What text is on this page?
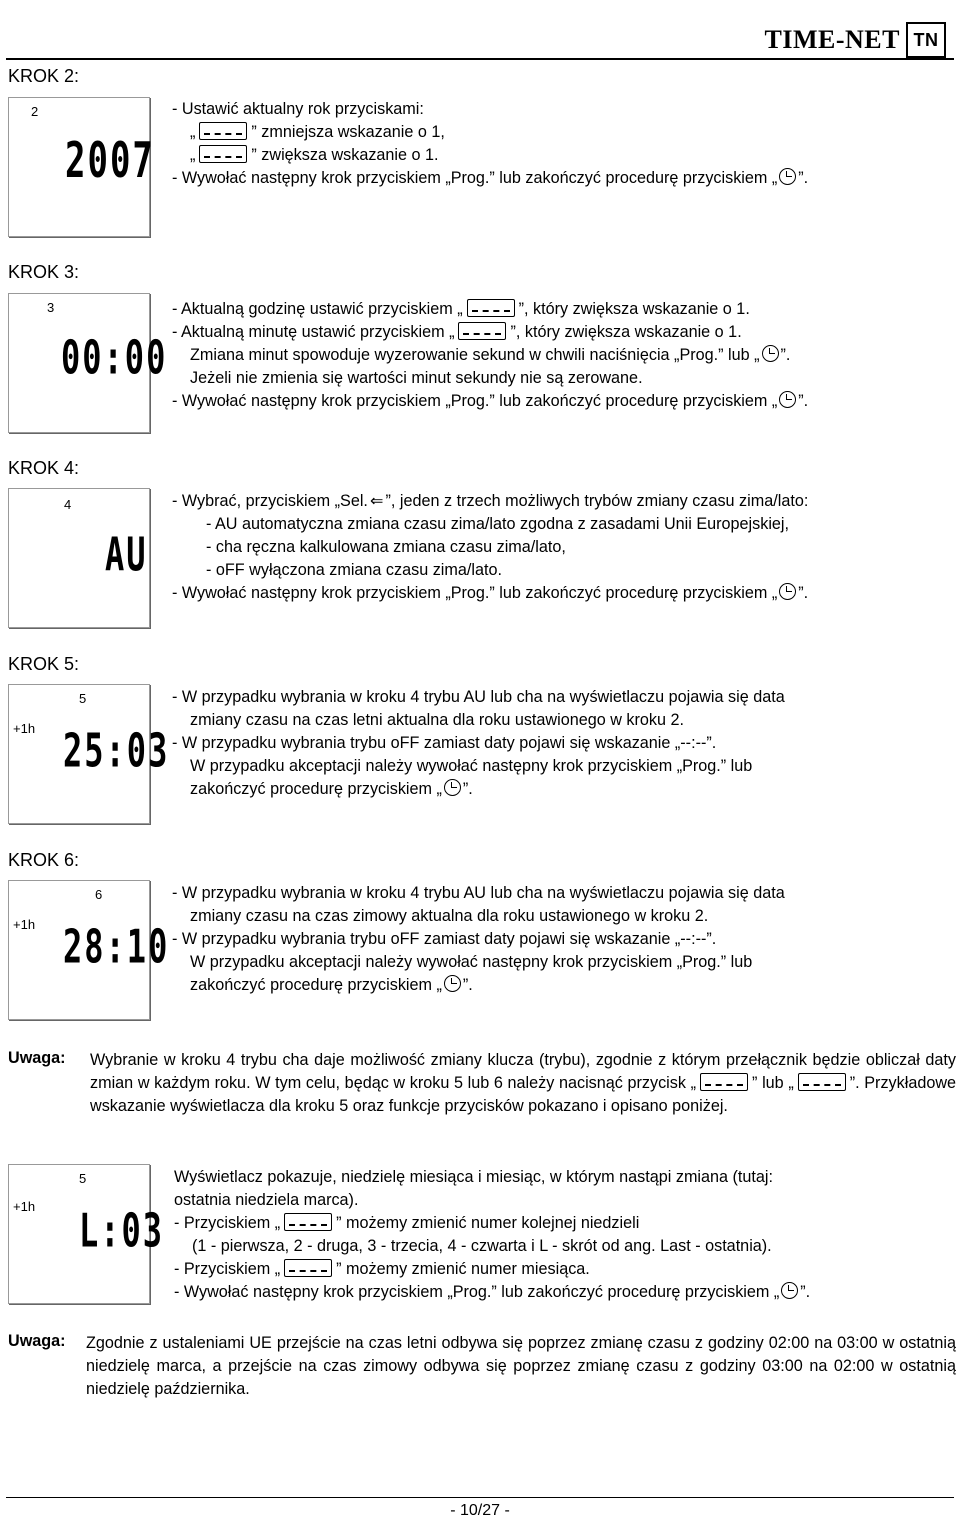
TIME-NET TN
KROK 2:
2
2007
- Ustawić aktualny rok przyciskami:
„	” zmniejsza wskazanie o 1,
„	” zwiększa wskazanie o 1.
- Wywołać następny krok przyciskiem „Prog.” lub zakończyć procedurę przyciskiem „ ”.
KROK 3:
3
00:00
- Aktualną godzinę ustawić przyciskiem „	”, który zwiększa wskazanie o 1.
- Aktualną minutę ustawić przyciskiem „	”, który zwiększa wskazanie o 1.
Zmiana minut spowoduje wyzerowanie sekund w chwili naciśnięcia „Prog.” lub „ ”.
Jeżeli nie zmienia się wartości minut sekundy nie są zerowane.
- Wywołać następny krok przyciskiem „Prog.” lub zakończyć procedurę przyciskiem „ ”.
KROK 4:
4
AU
- Wybrać, przyciskiem „Sel. ⇐ ”, jeden z trzech możliwych trybów zmiany czasu zima/lato:
- AU automatyczna zmiana czasu zima/lato zgodna z zasadami Unii Europejskiej,
- cha ręczna kalkulowana zmiana czasu zima/lato,
- oFF wyłączona zmiana czasu zima/lato.
- Wywołać następny krok przyciskiem „Prog.” lub zakończyć procedurę przyciskiem „ ”.
KROK 5:
5
+1h 25:03
- W przypadku wybrania w kroku 4 trybu AU lub cha na wyświetlaczu pojawia się data
zmiany czasu na czas letni aktualna dla roku ustawionego w kroku 2.
- W przypadku wybrania trybu oFF zamiast daty pojawi się wskazanie „--:--”.
W przypadku akceptacji należy wywołać następny krok przyciskiem „Prog.” lub
zakończyć procedurę przyciskiem „ ”.
KROK 6:
6
+1h 28:10
- W przypadku wybrania w kroku 4 trybu AU lub cha na wyświetlaczu pojawia się data
zmiany czasu na czas zimowy aktualna dla roku ustawionego w kroku 2.
- W przypadku wybrania trybu oFF zamiast daty pojawi się wskazanie „--:--”.
W przypadku akceptacji należy wywołać następny krok przyciskiem „Prog.” lub
zakończyć procedurę przyciskiem „ ”.
Uwaga: Wybranie w kroku 4 trybu cha daje możliwość zmiany klucza (trybu), zgodnie z którym przełącznik będzie obliczał daty zmian w każdym roku. W tym celu, będąc w kroku 5 lub 6 należy nacisnąć przycisk „	” lub „	”. Przykładowe wskazanie wyświetlacza dla kroku 5 oraz funkcje przycisków pokazano i opisano poniżej.
5
+1h L:03
Wyświetlacz pokazuje, niedzielę miesiąca i miesiąc, w którym nastąpi zmiana (tutaj:
ostatnia niedziela marca).
- Przyciskiem „	” możemy zmienić numer kolejnej niedzieli
(1 - pierwsza, 2 - druga, 3 - trzecia, 4 - czwarta i L - skrót od ang. Last - ostatnia).
- Przyciskiem „	” możemy zmienić numer miesiąca.
- Wywołać następny krok przyciskiem „Prog.” lub zakończyć procedurę przyciskiem „ ”.
Uwaga: Zgodnie z ustaleniami UE przejście na czas letni odbywa się poprzez zmianę czasu z godziny 02:00 na 03:00 w ostatnią niedzielę marca, a przejście na czas zimowy odbywa się poprzez zmianę czasu z godziny 03:00 na 02:00 w ostatnią niedzielę października.
- 10/27 -
